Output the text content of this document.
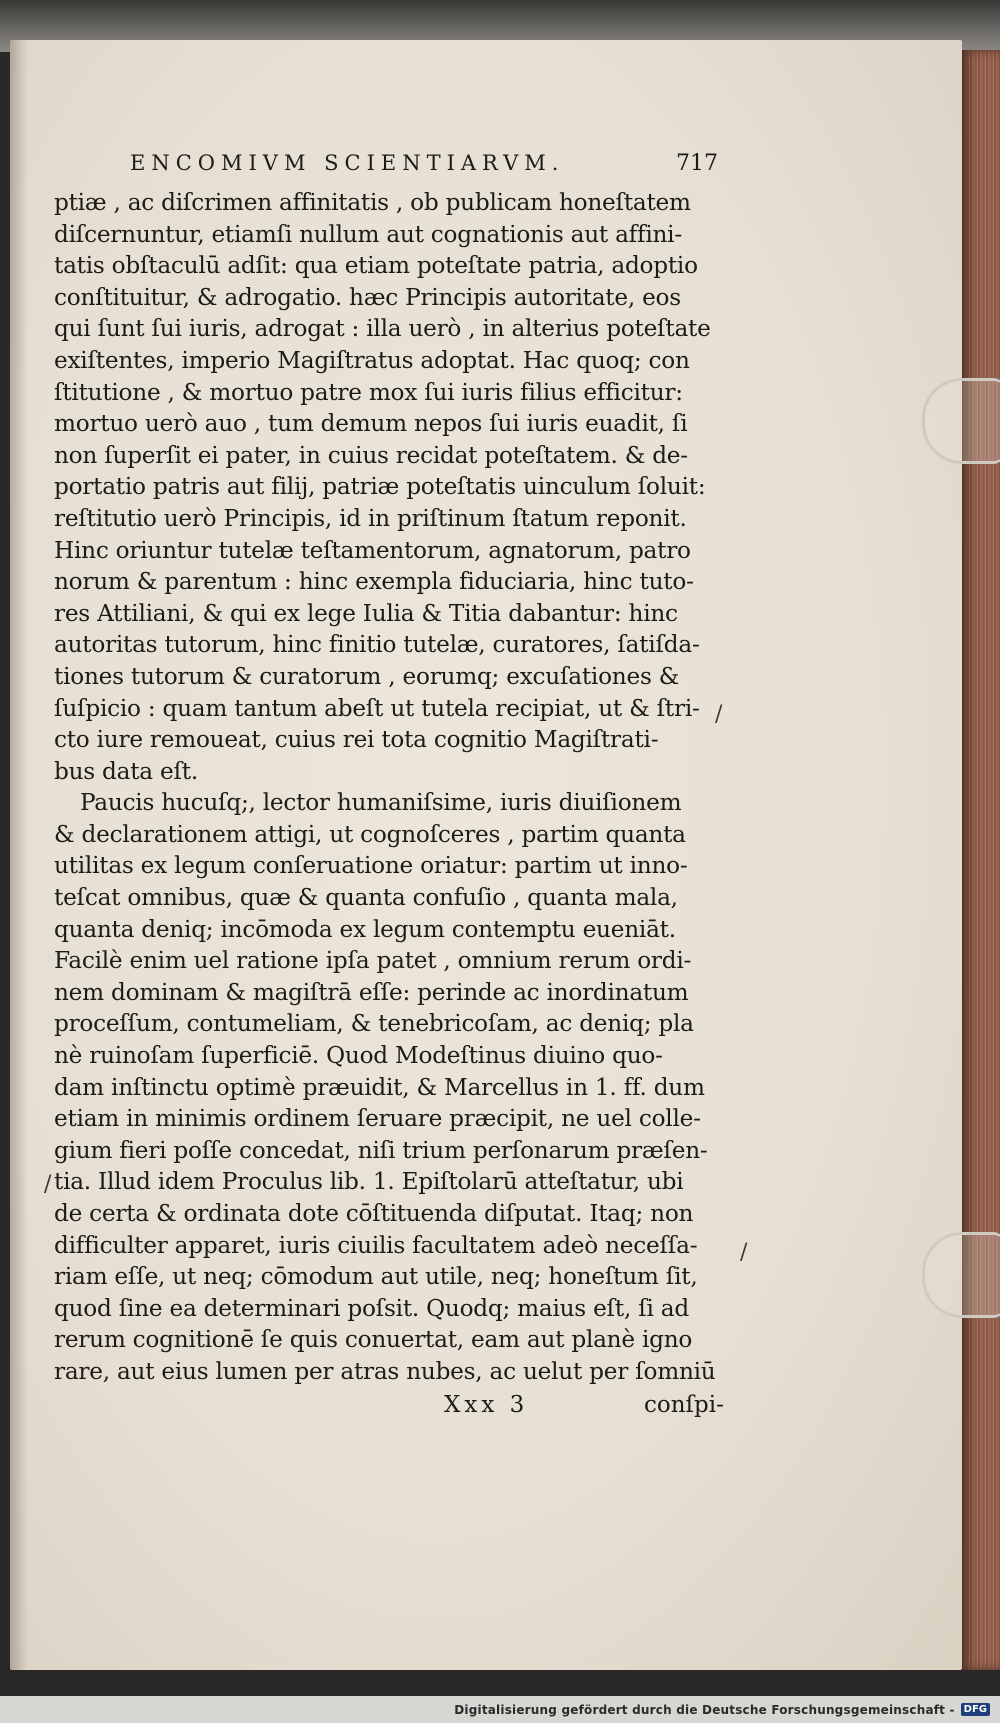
ENCOMIVM SCIENTIARVM.	717
ptiæ , ac diſcrimen affinitatis , ob publicam honeſtatem
diſcernuntur, etiamſi nullum aut cognationis aut affini-
tatis obſtaculū adſit: qua etiam poteſtate patria, adoptio
conſtituitur, & adrogatio. hæc Principis autoritate, eos
qui ſunt ſui iuris, adrogat : illa uerò , in alterius poteſtate
exiſtentes, imperio Magiſtratus adoptat. Hac quoq; con
ſtitutione , & mortuo patre mox ſui iuris filius efficitur:
mortuo uerò auo , tum demum nepos ſui iuris euadit, ſi
non ſuperſit ei pater, in cuius recidat poteſtatem. & de-
portatio patris aut filij, patriæ poteſtatis uinculum ſoluit:
reſtitutio uerò Principis, id in priſtinum ſtatum reponit.
Hinc oriuntur tutelæ teſtamentorum, agnatorum, patro
norum & parentum : hinc exempla fiduciaria, hinc tuto-
res Attiliani, & qui ex lege Iulia & Titia dabantur: hinc
autoritas tutorum, hinc finitio tutelæ, curatores, ſatiſda-
tiones tutorum & curatorum , eorumq; excuſationes &
ſuſpicio : quam tantum abeſt ut tutela recipiat, ut & ſtri-
cto iure remoueat, cuius rei tota cognitio Magiſtrati-
bus data eſt.
Paucis hucuſq;, lector humaniſsime, iuris diuiſionem
& declarationem attigi, ut cognoſceres , partim quanta
utilitas ex legum conſeruatione oriatur: partim ut inno-
teſcat omnibus, quæ & quanta confuſio , quanta mala,
quanta deniq; incōmoda ex legum contemptu eueniāt.
Facilè enim uel ratione ipſa patet , omnium rerum ordi-
nem dominam & magiſtrā eſſe: perinde ac inordinatum
proceſſum, contumeliam, & tenebricoſam, ac deniq; pla
nè ruinoſam ſuperficiē. Quod Modeſtinus diuino quo-
dam inſtinctu optimè præuidit, & Marcellus in 1. ff. dum
etiam in minimis ordinem ſeruare præcipit, ne uel colle-
gium fieri poſſe concedat, niſi trium perſonarum præſen-
tia. Illud idem Proculus lib. 1. Epiſtolarū atteſtatur, ubi
de certa & ordinata dote cōſtituenda diſputat. Itaq; non
difficulter apparet, iuris ciuilis facultatem adeò neceſſa-
riam eſſe, ut neq; cōmodum aut utile, neq; honeſtum ſit,
quod ſine ea determinari poſsit. Quodq; maius eſt, ſi ad
rerum cognitionē ſe quis conuertat, eam aut planè igno
rare, aut eius lumen per atras nubes, ac uelut per ſomniū
Xxx 3	conſpi-
/
/
/
Digitalisierung gefördert durch die Deutsche Forschungsgemeinschaft - DFG
